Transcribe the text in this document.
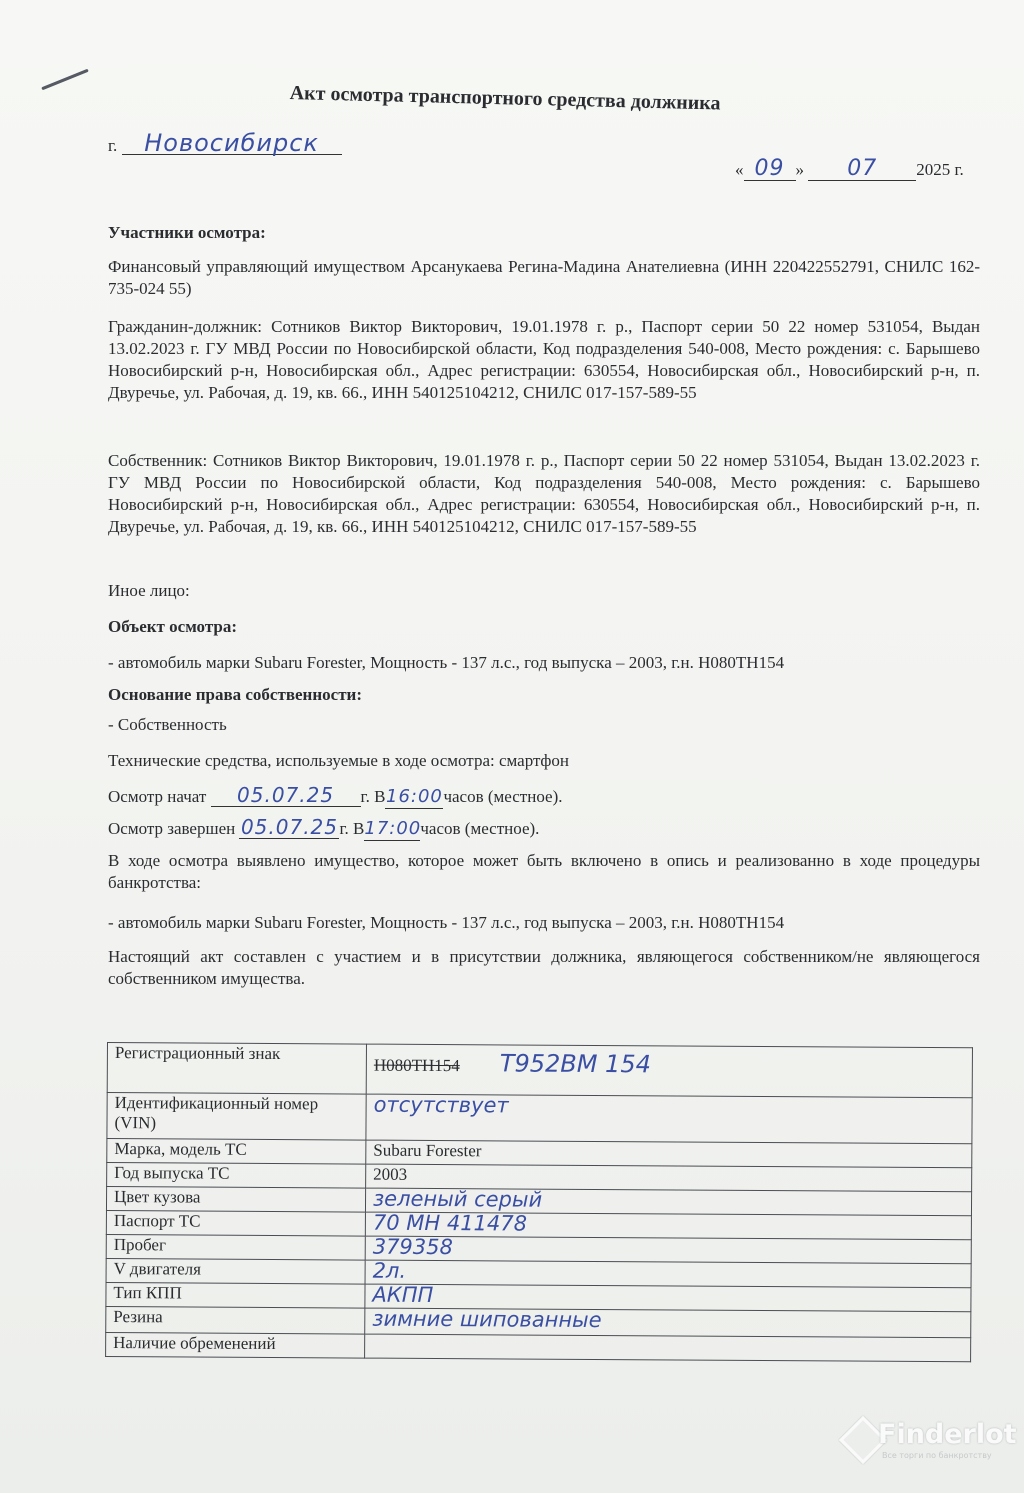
Акт осмотра транспортного средства должника
г. Новосибирск
« 09 » 07 2025 г.
Участники осмотра:
Финансовый управляющий имуществом Арсанукаева Регина-Мадина Анателиевна (ИНН 220422552791, СНИЛС 162-735-024 55)
Гражданин-должник: Сотников Виктор Викторович, 19.01.1978 г. р., Паспорт серии 50 22 номер 531054, Выдан 13.02.2023 г. ГУ МВД России по Новосибирской области, Код подразделения 540-008, Место рождения: с. Барышево Новосибирский р-н, Новосибирская обл., Адрес регистрации: 630554, Новосибирская обл., Новосибирский р-н, п. Двуречье, ул. Рабочая, д. 19, кв. 66., ИНН 540125104212, СНИЛС 017-157-589-55
Собственник: Сотников Виктор Викторович, 19.01.1978 г. р., Паспорт серии 50 22 номер 531054, Выдан 13.02.2023 г. ГУ МВД России по Новосибирской области, Код подразделения 540-008, Место рождения: с. Барышево Новосибирский р-н, Новосибирская обл., Адрес регистрации: 630554, Новосибирская обл., Новосибирский р-н, п. Двуречье, ул. Рабочая, д. 19, кв. 66., ИНН 540125104212, СНИЛС 017-157-589-55
Иное лицо:
Объект осмотра:
- автомобиль марки Subaru Forester, Мощность - 137 л.с., год выпуска – 2003, г.н. Н080ТН154
Основание права собственности:
- Собственность
Технические средства, используемые в ходе осмотра: смартфон
Осмотр начат 05.07.25 г. В16:00часов (местное).
Осмотр завершен 05.07.25г. В17:00часов (местное).
В ходе осмотра выявлено имущество, которое может быть включено в опись и реализованно в ходе процедуры банкротства:
- автомобиль марки Subaru Forester, Мощность - 137 л.с., год выпуска – 2003, г.н. Н080ТН154
Настоящий акт составлен с участием и в присутствии должника, являющегося собственником/не являющегося собственником имущества.
Регистрационный знак	Н080ТН154 Т952ВМ 154
Идентификационный номер (VIN)	отсутствует
Марка, модель ТС	Subaru Forester
Год выпуска ТС	2003
Цвет кузова	зеленый серый
Паспорт ТС	70 МН 411478
Пробег	379358
V двигателя	2л.
Тип КПП	АКПП
Резина	зимние шипованные
Наличие обременений	
Finderlot
Все торги по банкротству
